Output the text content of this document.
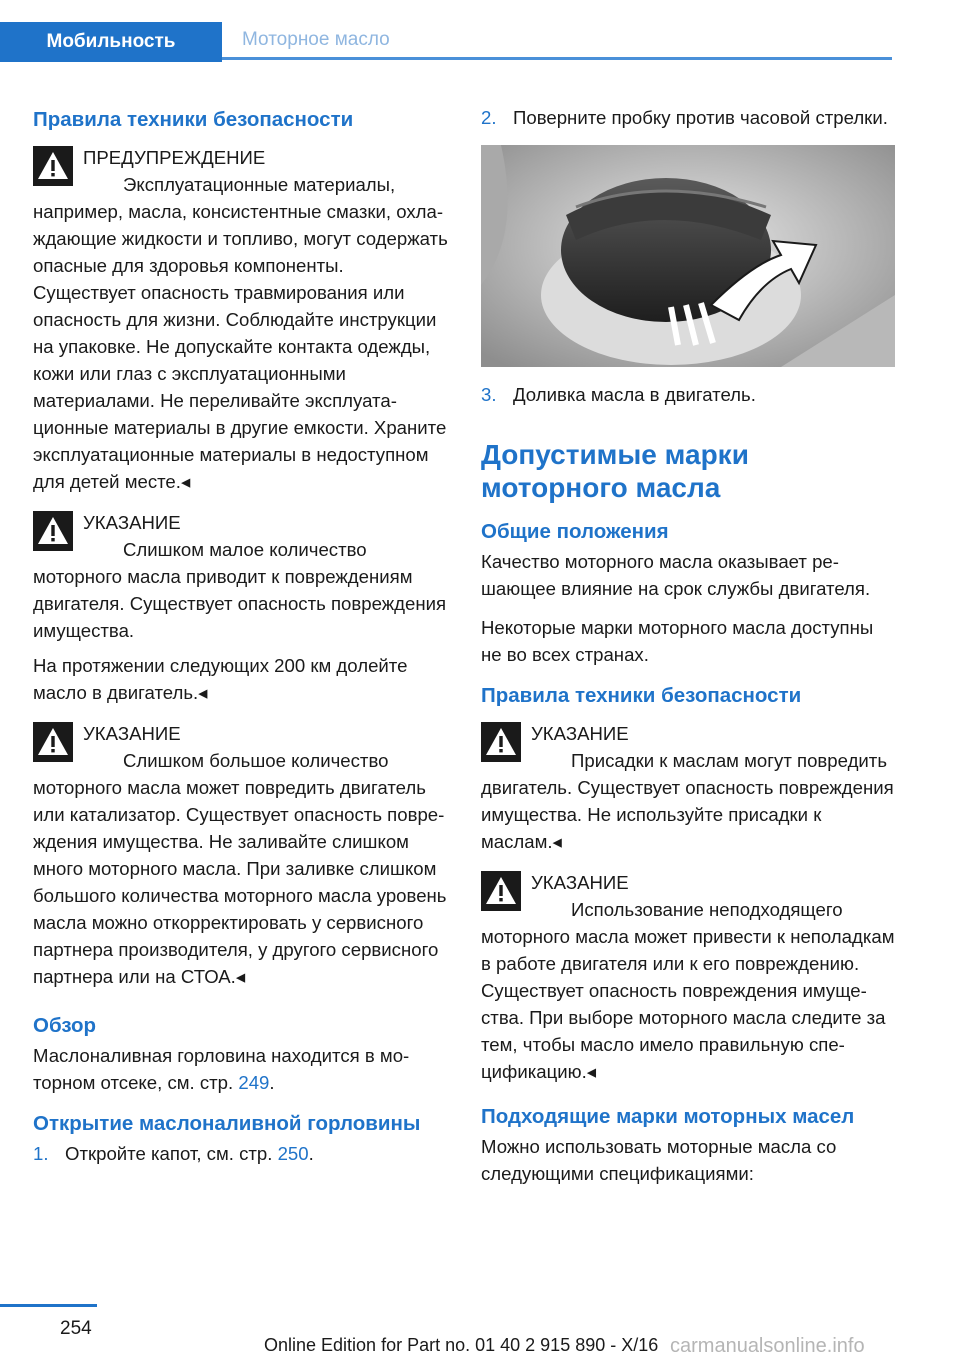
Мобильность	Моторное масло
Правила техники безопасности
ПРЕДУПРЕЖДЕНИЕ
Эксплуатационные материалы, например, масла, консистентные смазки, охлаждающие жидкости и топливо, могут содержать опасные для здоровья компоненты. Существует опасность травмирования или опасность для жизни. Соблюдайте инструкции на упаковке. Не допускайте контакта одежды, кожи или глаз с эксплуатационными материалами. Не переливайте эксплуатационные материалы в другие емкости. Храните эксплуатационные материалы в недоступном для детей месте.◂
УКАЗАНИЕ
Слишком малое количество моторного масла приводит к повреждениям двигателя. Существует опасность повреждения имущества.
На протяжении следующих 200 км долейте масло в двигатель.◂
УКАЗАНИЕ
Слишком большое количество моторного масла может повредить двигатель или катализатор. Существует опасность повреждения имущества. Не заливайте слишком много моторного масла. При заливке слишком большого количества моторного масла уровень масла можно откорректировать у сервисного партнера производителя, у другого сервисного партнера или на СТОА.◂
Обзор

Маслоналивная горловина находится в моторном отсеке, см. стр. 249.

Открытие маслоналивной горловины
1. Откройте капот, см. стр. 250.
2. Поверните пробку против часовой стрелки.
3. Доливка масла в двигатель.
Допустимые марки моторного масла
Общие положения

Качество моторного масла оказывает решающее влияние на срок службы двигателя.

Некоторые марки моторного масла доступны не во всех странах.

Правила техники безопасности
УКАЗАНИЕ
Присадки к маслам могут повредить двигатель. Существует опасность повреждения имущества. Не используйте присадки к маслам.◂
УКАЗАНИЕ
Использование неподходящего моторного масла может привести к неполадкам в работе двигателя или к его повреждению. Существует опасность повреждения имущества. При выборе моторного масла следите за тем, чтобы масло имело правильную спецификацию.◂
Подходящие марки моторных масел

Можно использовать моторные масла со следующими спецификациями:

254
Online Edition for Part no. 01 40 2 915 890 - X/16 carmanualsonline.info
